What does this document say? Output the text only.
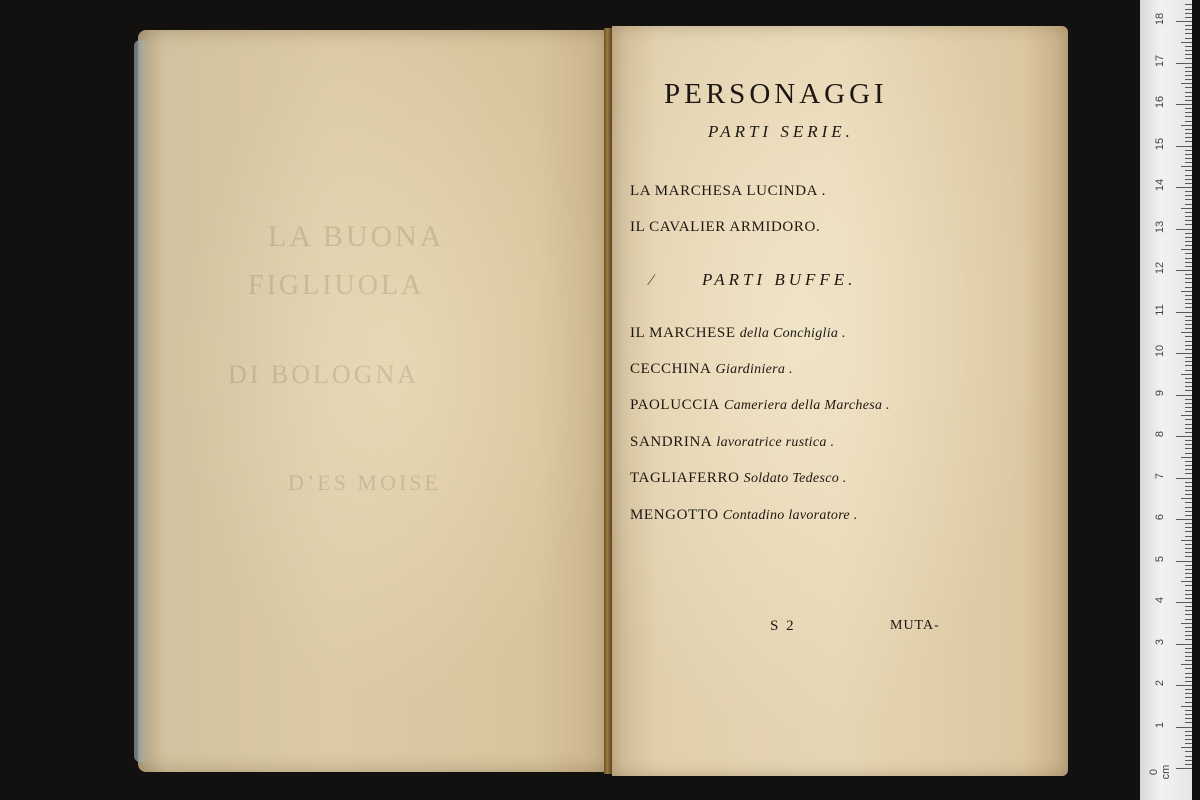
LA BUONA
FIGLIUOLA
DI BOLOGNA
D’ES MOISE
PERSONAGGI
PARTI SERIE.
LA MARCHESA LUCINDA .
IL CAVALIER ARMIDORO.
⁄	PARTI BUFFE.
IL MARCHESE della Conchiglia .
CECCHINA Giardiniera .
PAOLUCCIA Cameriera della Marchesa .
SANDRINA lavoratrice rustica .
TAGLIAFERRO Soldato Tedesco .
MENGOTTO Contadino lavoratore .
S 2	MUTA-
0 cm
1
2
3
4
5
6
7
8
9
10
11
12
13
14
15
16
17
18
